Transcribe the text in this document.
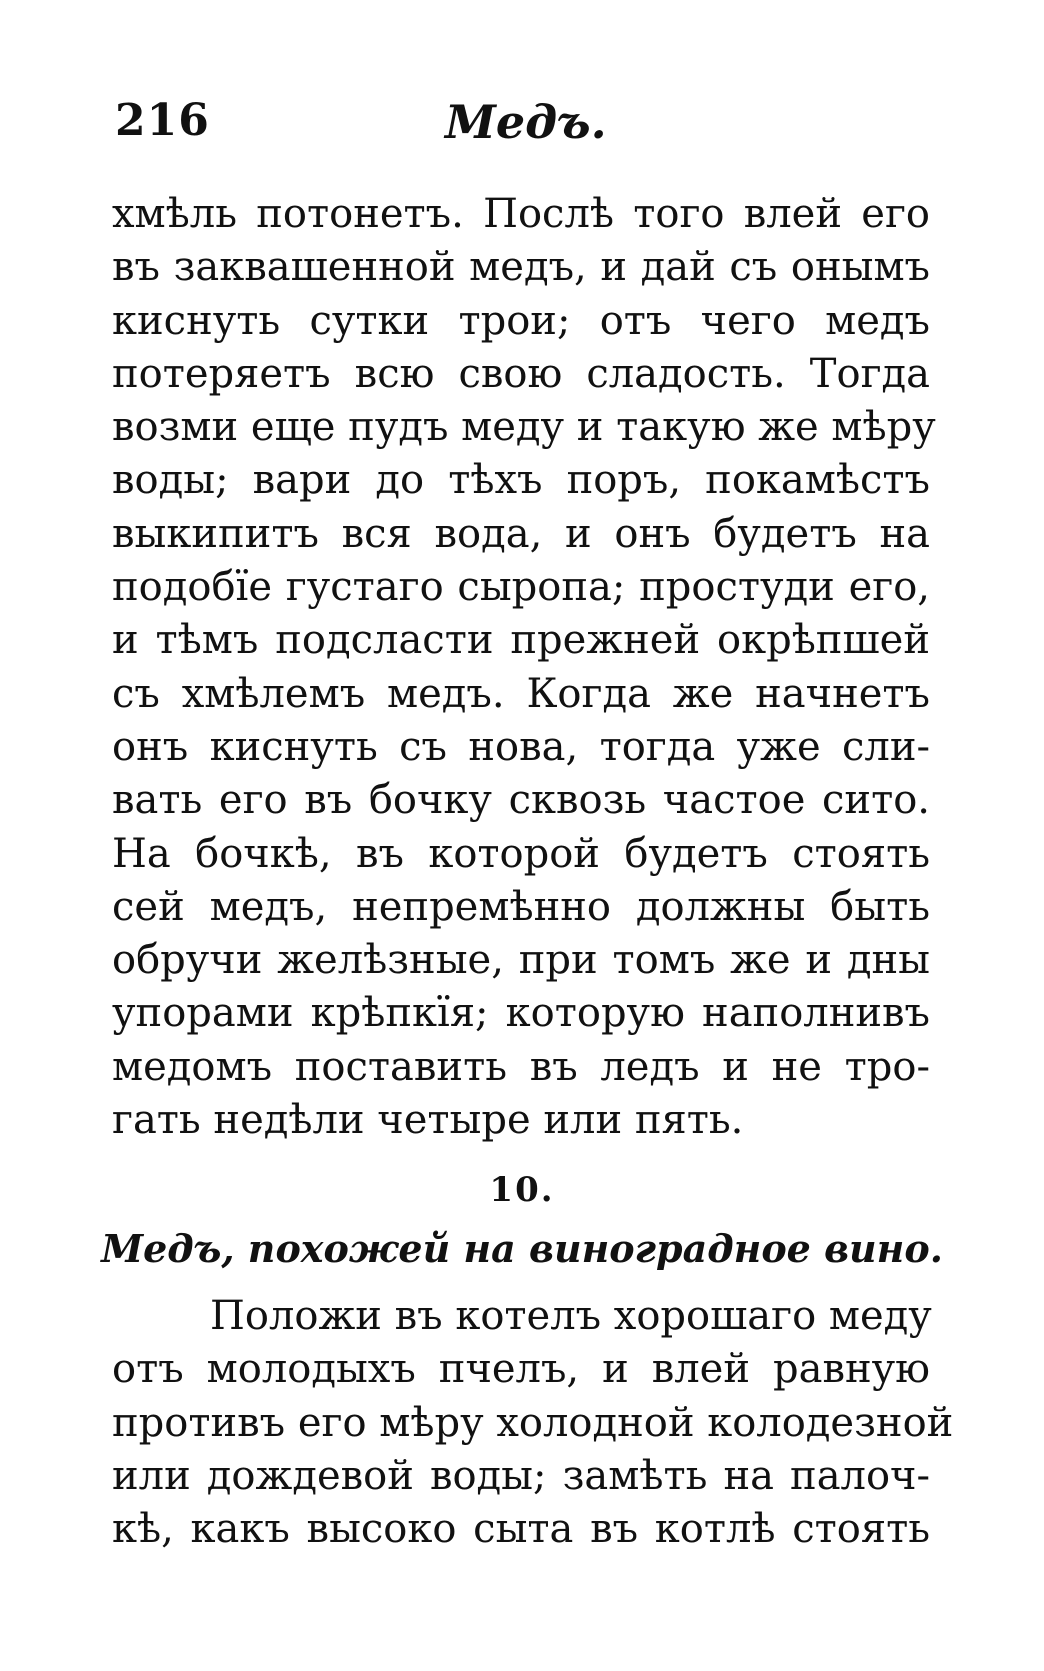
216	Медъ.
хмѣль потонетъ. Послѣ того влей его
въ заквашенной медъ, и дай съ онымъ
киснуть сутки трои; отъ чего медъ
потеряетъ всю свою сладость. Тогда
возми еще пудъ меду и такую же мѣру
воды; вари до тѣхъ поръ, покамѣстъ
выкипитъ вся вода, и онъ будетъ на
подобїе густаго сыропа; простуди его,
и тѣмъ подсласти прежней окрѣпшей
съ хмѣлемъ медъ. Когда же начнетъ
онъ киснуть съ нова, тогда уже сли-
вать его въ бочку сквозь частое сито.
На бочкѣ, въ которой будетъ стоять
сей медъ, непремѣнно должны быть
обручи желѣзные, при томъ же и дны
упорами крѣпкїя; которую наполнивъ
медомъ поставить въ ледъ и не тро-
гать недѣли четыре или пять.
10.
Медъ, похожей на виноградное вино.
Положи въ котелъ хорошаго меду
отъ молодыхъ пчелъ, и влей равную
противъ его мѣру холодной колодезной
или дождевой воды; замѣть на палоч-
кѣ, какъ высоко сыта въ котлѣ стоять
